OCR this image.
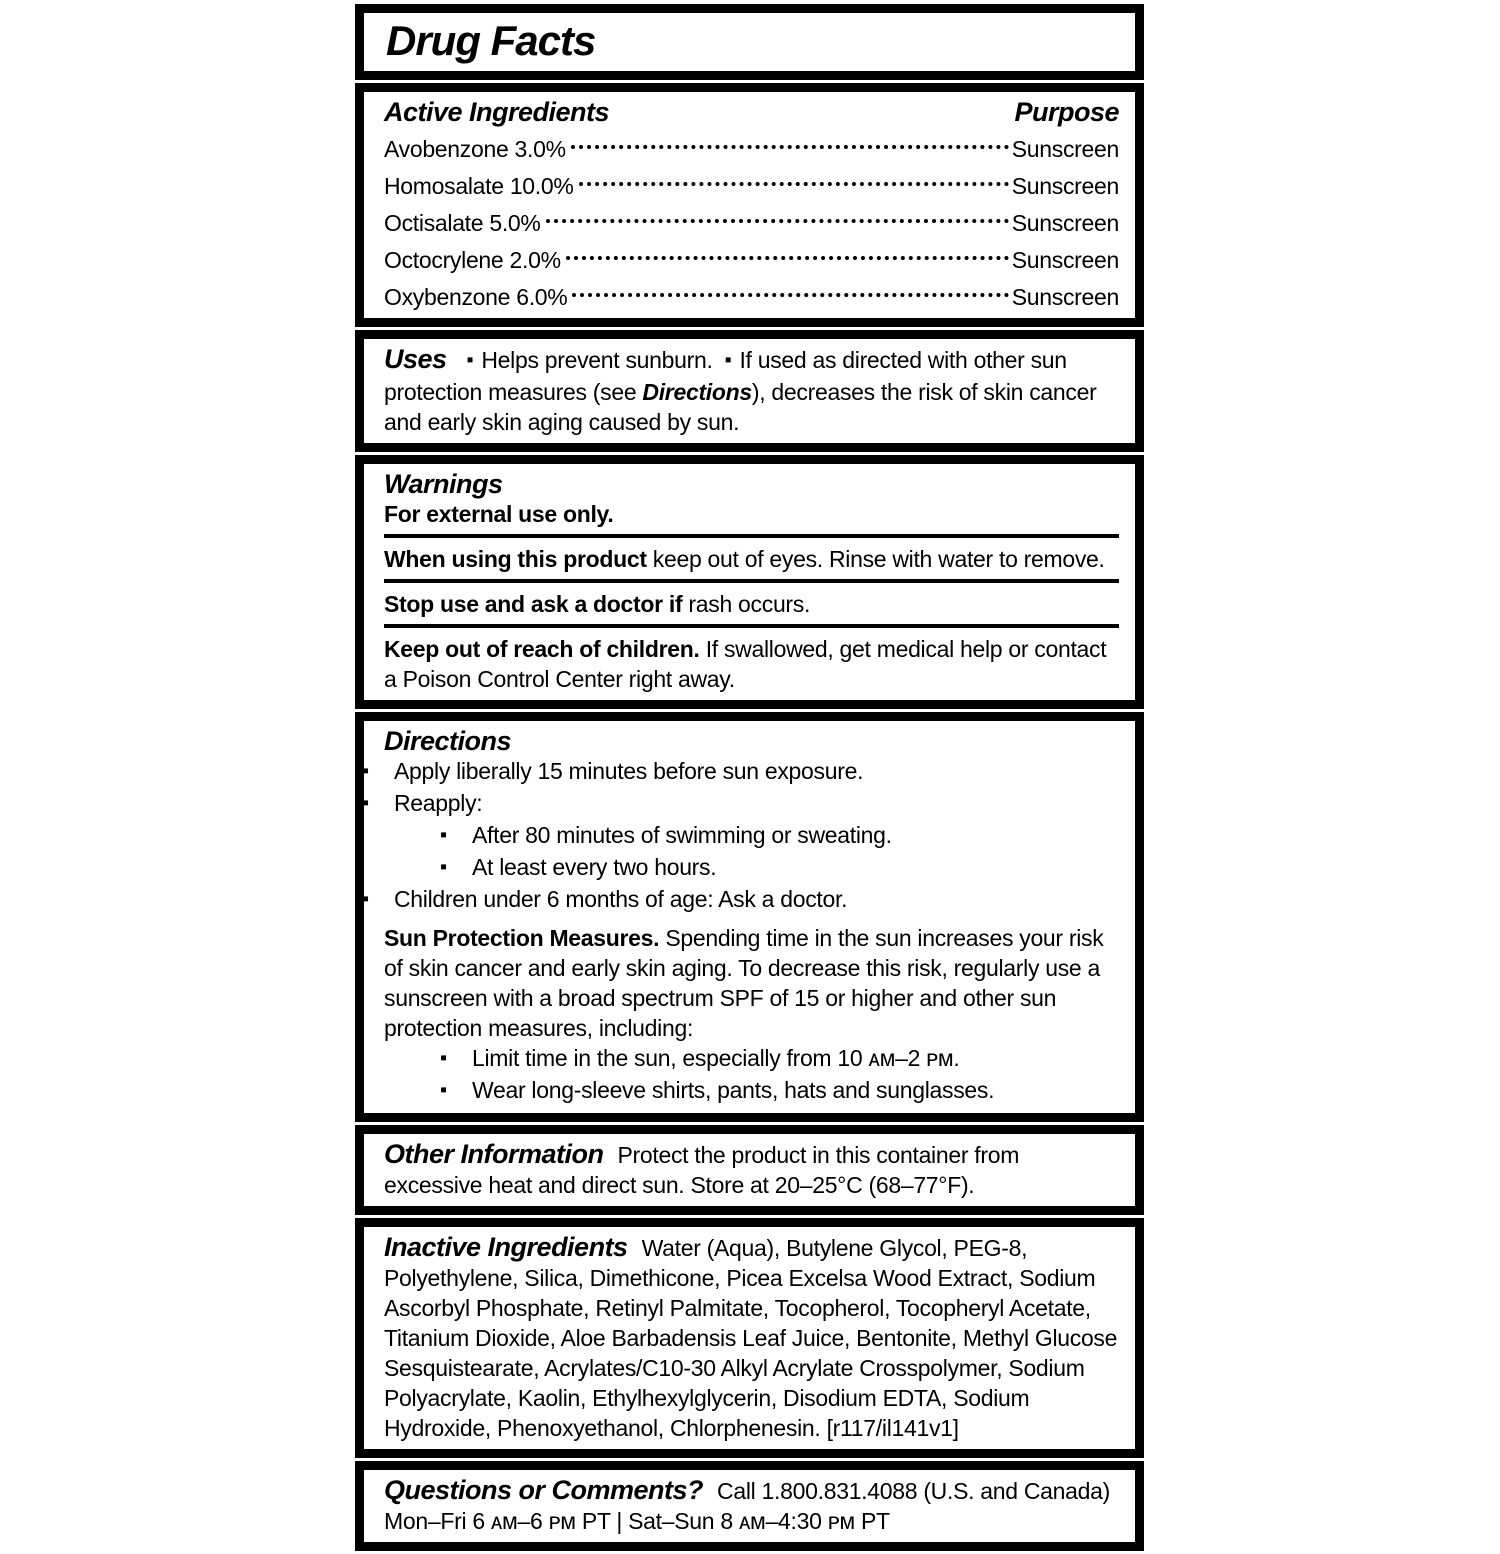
Drug Facts
Active Ingredients	Purpose
Avobenzone 3.0%	Sunscreen
Homosalate 10.0%	Sunscreen
Octisalate 5.0%	Sunscreen
Octocrylene 2.0%	Sunscreen
Oxybenzone 6.0%	Sunscreen

Uses ▪ Helps prevent sunburn. ▪ If used as directed with other sun protection measures (see Directions), decreases the risk of skin cancer and early skin aging caused by sun.

Warnings

For external use only.

When using this product keep out of eyes. Rinse with water to remove.

Stop use and ask a doctor if rash occurs.

Keep out of reach of children. If swallowed, get medical help or contact a Poison Control Center right away.

Directions
▪ Apply liberally 15 minutes before sun exposure.
▪ Reapply:
▪ After 80 minutes of swimming or sweating.
▪ At least every two hours.
▪ Children under 6 months of age: Ask a doctor.

Sun Protection Measures. Spending time in the sun increases your risk of skin cancer and early skin aging. To decrease this risk, regularly use a sunscreen with a broad spectrum SPF of 15 or higher and other sun protection measures, including:

▪ Limit time in the sun, especially from 10 ᴀᴍ–2 ᴘᴍ.
▪ Wear long-sleeve shirts, pants, hats and sunglasses.

Other Information Protect the product in this container from excessive heat and direct sun. Store at 20–25°C (68–77°F).

Inactive Ingredients Water (Aqua), Butylene Glycol, PEG-8, Polyethylene, Silica, Dimethicone, Picea Excelsa Wood Extract, Sodium Ascorbyl Phosphate, Retinyl Palmitate, Tocopherol, Tocopheryl Acetate, Titanium Dioxide, Aloe Barbadensis Leaf Juice, Bentonite, Methyl Glucose Sesquistearate, Acrylates/C10-30 Alkyl Acrylate Crosspolymer, Sodium Polyacrylate, Kaolin, Ethylhexylglycerin, Disodium EDTA, Sodium Hydroxide, Phenoxyethanol, Chlorphenesin. [r117/il141v1]

Questions or Comments? Call 1.800.831.4088 (U.S. and Canada)

Mon–Fri 6 ᴀᴍ–6 ᴘᴍ PT | Sat–Sun 8 ᴀᴍ–4:30 ᴘᴍ PT
